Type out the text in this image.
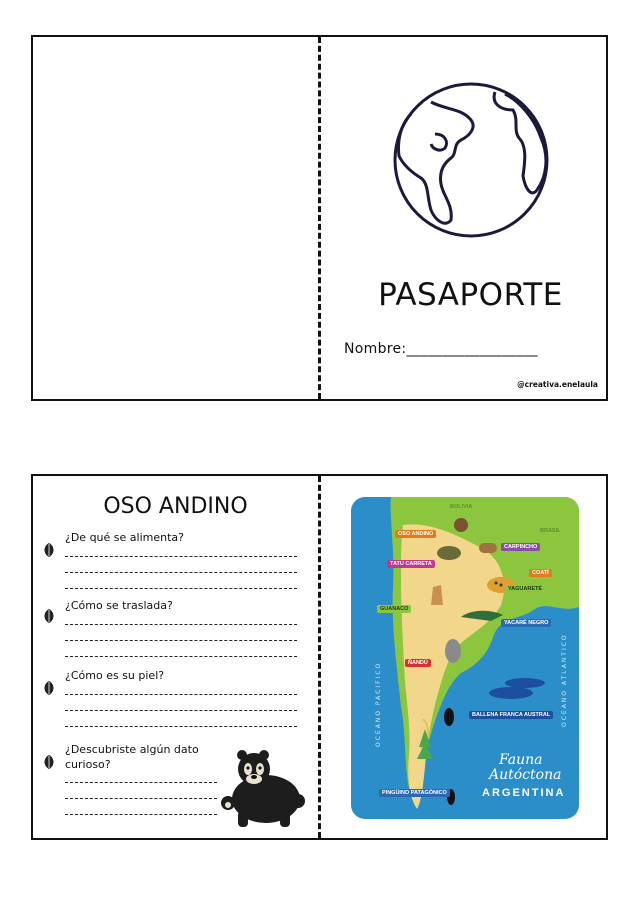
PASAPORTE
Nombre:__________________
@creativa.enelaula
OSO ANDINO
¿De qué se alimenta?
¿Cómo se traslada?
¿Cómo es su piel?
¿Descubriste algún dato curioso?
OSO ANDINO
CARPINCHO
TATU CARRETA
COATÍ
YAGUARETÉ
GUANACO
YACARÉ NEGRO
ÑANDÚ
BALLENA FRANCA AUSTRAL
PINGÜINO PATAGÓNICO
OCEANO PACIFICO	OCEANO ATLANTICO
BOLIVIA
BRASIL
Fauna
Autóctona
ARGENTINA
